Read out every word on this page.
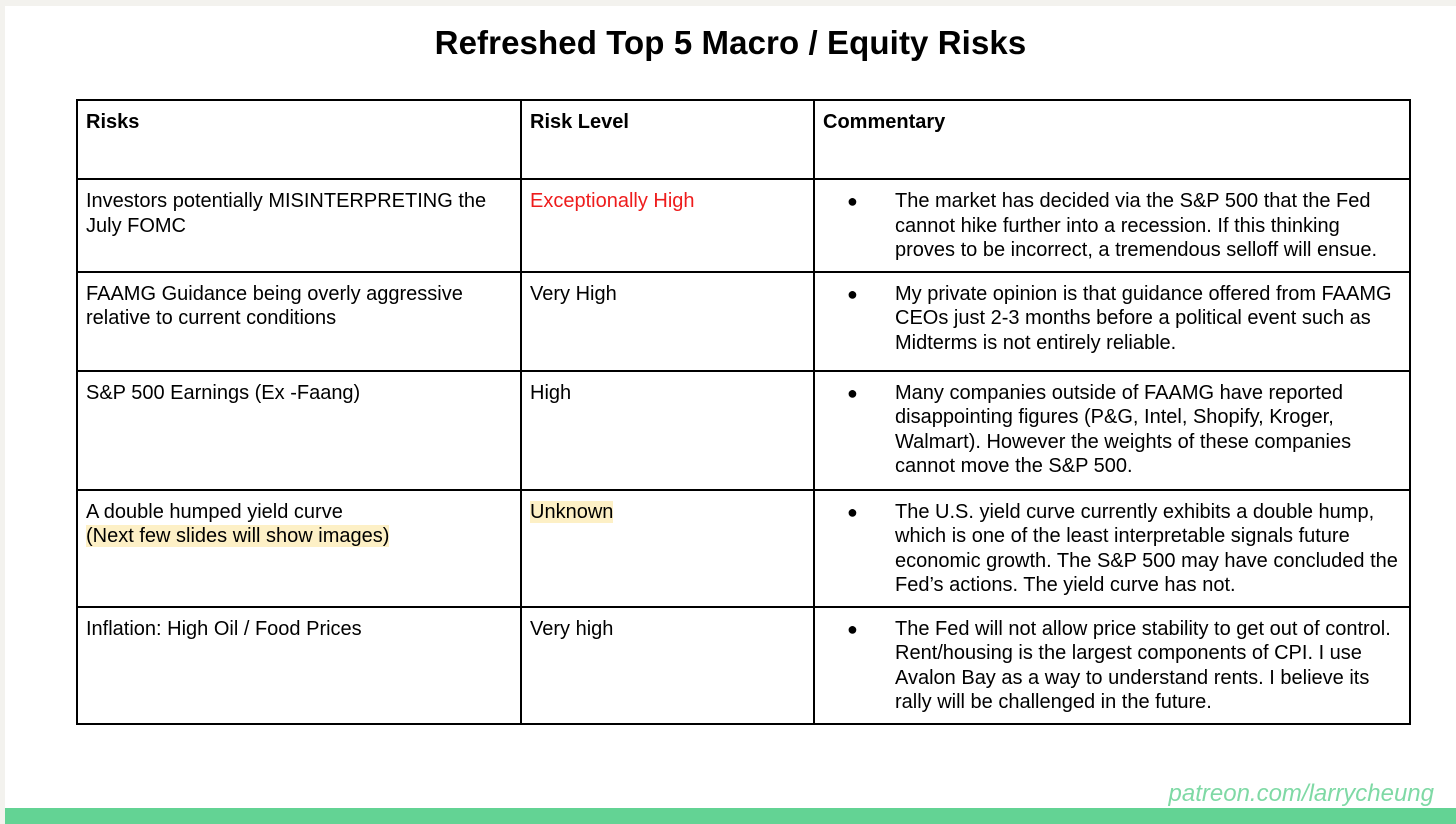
Refreshed Top 5 Macro / Equity Risks
Risks	Risk Level	Commentary
Investors potentially MISINTERPRETING the July FOMC	Exceptionally High	● The market has decided via the S&P 500 that the Fed cannot hike further into a recession. If this thinking proves to be incorrect, a tremendous selloff will ensue.

FAAMG Guidance being overly aggressive relative to current conditions	Very High	● My private opinion is that guidance offered from FAAMG CEOs just 2-3 months before a political event such as Midterms is not entirely reliable.

S&P 500 Earnings (Ex -Faang)	High	● Many companies outside of FAAMG have reported disappointing figures (P&G, Intel, Shopify, Kroger, Walmart). However the weights of these companies cannot move the S&P 500.

A double humped yield curve
(Next few slides will show images)	Unknown	● The U.S. yield curve currently exhibits a double hump, which is one of the least interpretable signals future economic growth. The S&P 500 may have concluded the Fed’s actions. The yield curve has not.

Inflation: High Oil / Food Prices	Very high	● The Fed will not allow price stability to get out of control. Rent/housing is the largest components of CPI. I use Avalon Bay as a way to understand rents. I believe its rally will be challenged in the future.
patreon.com/larrycheung
